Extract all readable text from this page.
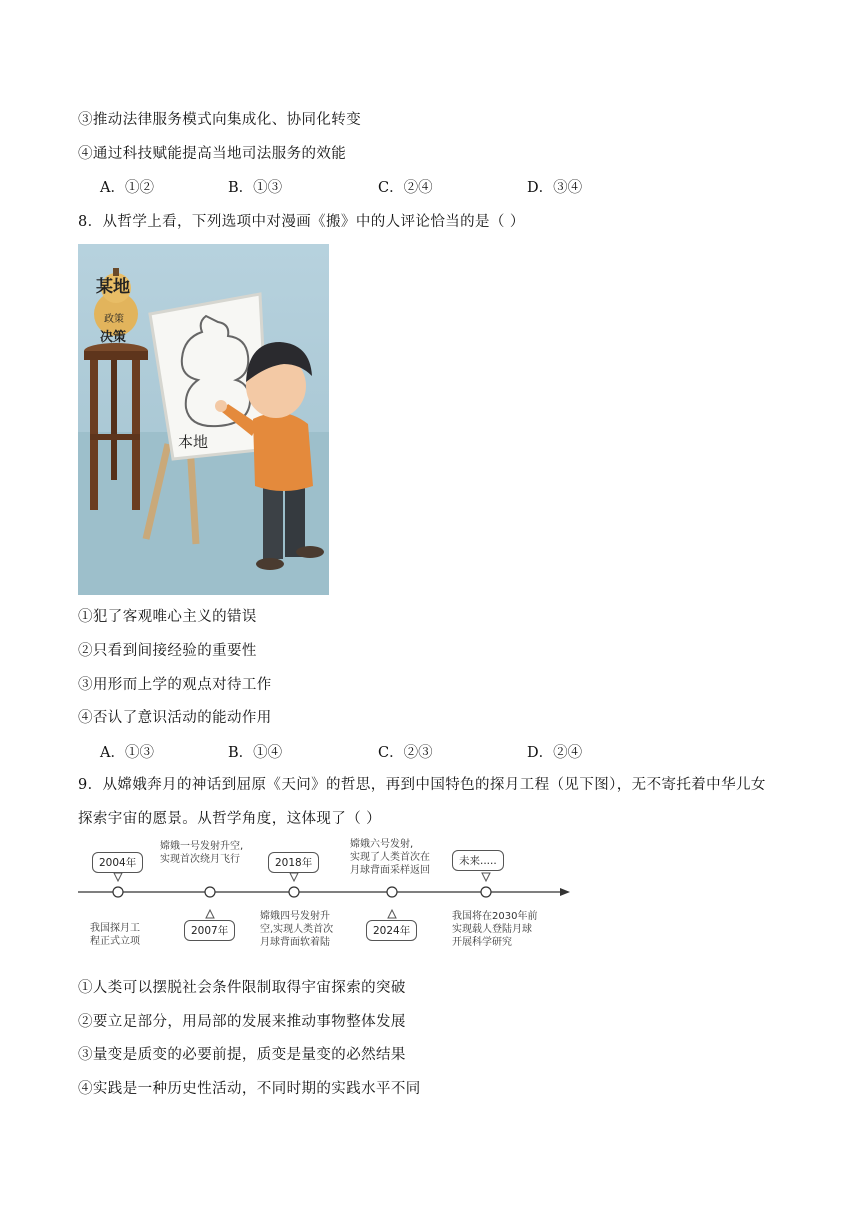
③推动法律服务模式向集成化、协同化转变
④通过科技赋能提高当地司法服务的效能
A．①②	B．①③	C．②④	D．③④
8．从哲学上看，下列选项中对漫画《搬》中的人评论恰当的是（ ）
某地
政策
决策
本地
①犯了客观唯心主义的错误
②只看到间接经验的重要性
③用形而上学的观点对待工作
④否认了意识活动的能动作用
A．①③	B．①④	C．②③	D．②④
9．从嫦娥奔月的神话到屈原《天问》的哲思，再到中国特色的探月工程（见下图），无不寄托着中华儿女
探索宇宙的愿景。从哲学角度，这体现了（ ）
2004年
嫦娥一号发射升空,
实现首次绕月飞行	2018年
嫦娥六号发射,
实现了人类首次在
月球背面采样返回
未来.....
我国探月工
程正式立项
2007年
嫦娥四号发射升
空,实现人类首次
月球背面软着陆
2024年
我国将在2030年前
实现载人登陆月球
开展科学研究
①人类可以摆脱社会条件限制取得宇宙探索的突破
②要立足部分，用局部的发展来推动事物整体发展
③量变是质变的必要前提，质变是量变的必然结果
④实践是一种历史性活动，不同时期的实践水平不同
